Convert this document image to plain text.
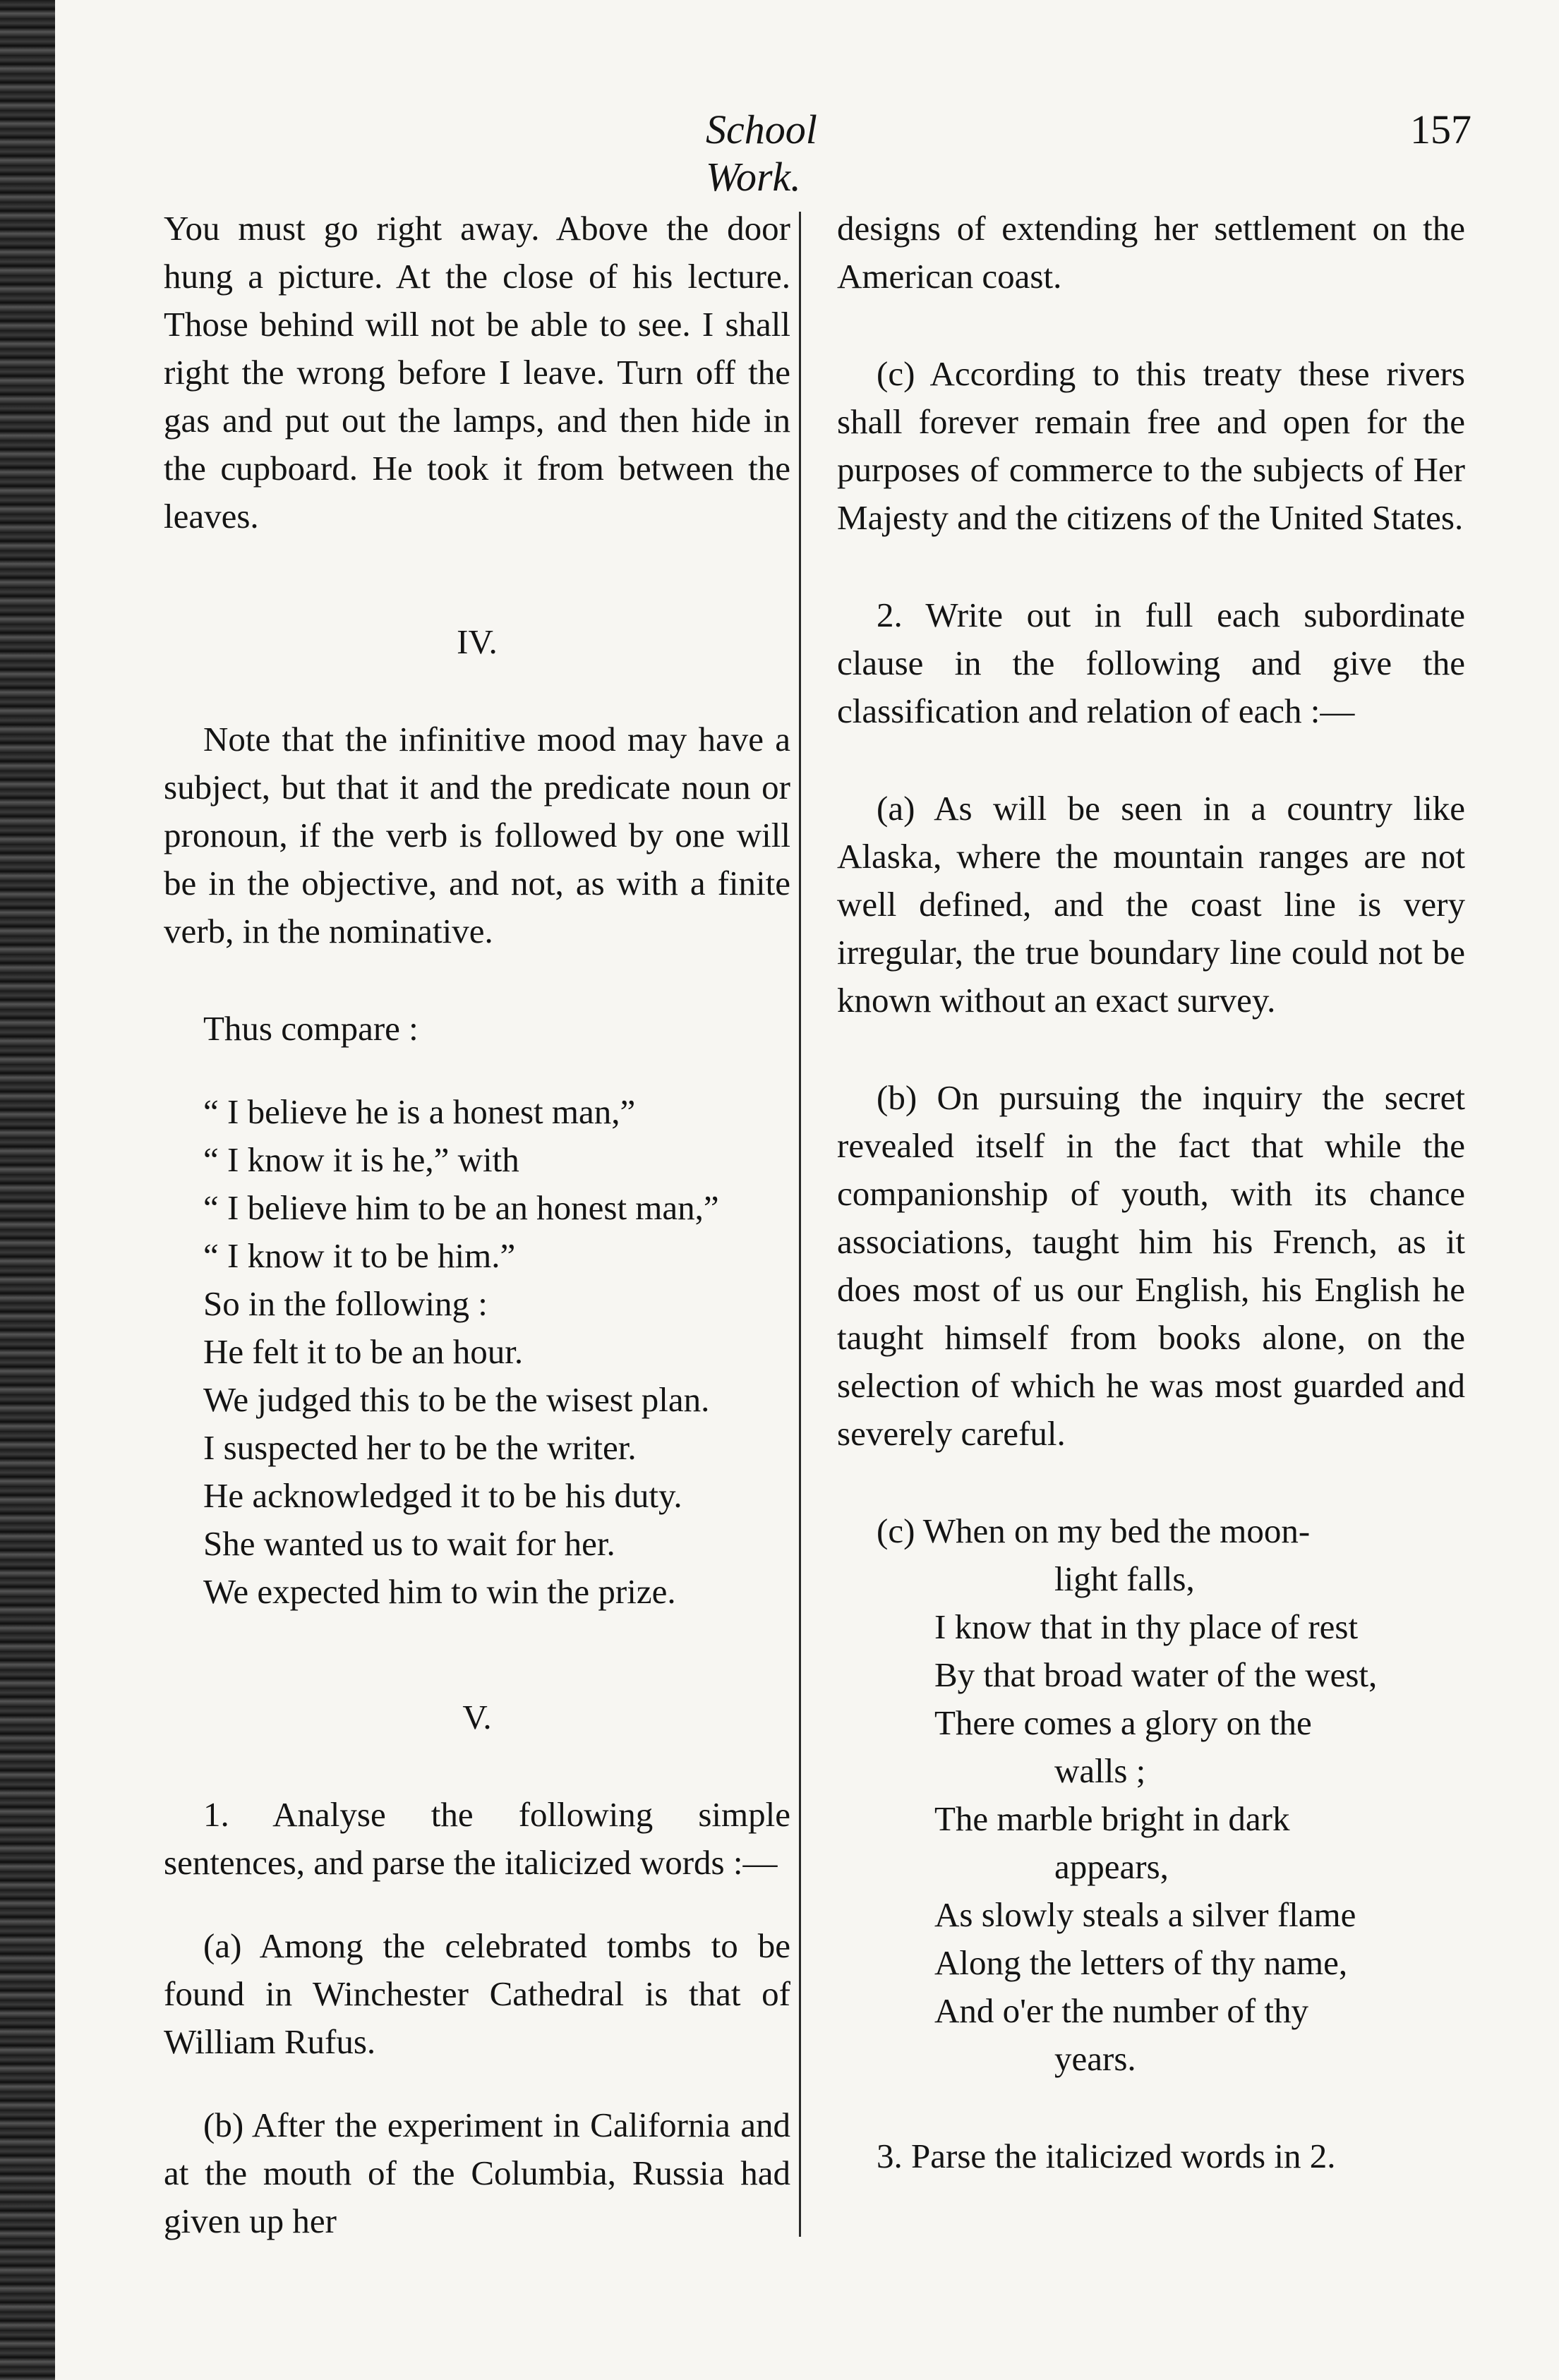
School Work.
157

You must go right away. Above the door hung a picture. At the close of his lecture. Those behind will not be able to see. I shall right the wrong before I leave. Turn off the gas and put out the lamps, and then hide in the cupboard. He took it from between the leaves.

IV.

Note that the infinitive mood may have a subject, but that it and the predicate noun or pronoun, if the verb is followed by one will be in the objective, and not, as with a finite verb, in the nominative.

Thus compare :

“ I believe he is a honest man,”

“ I know it is he,” with

“ I believe him to be an honest man,”

“ I know it to be him.”

So in the following :

He felt it to be an hour.

We judged this to be the wisest plan.

I suspected her to be the writer.

He acknowledged it to be his duty.

She wanted us to wait for her.

We expected him to win the prize.

V.

1. Analyse the following simple sentences, and parse the italicized words :—

(a) Among the celebrated tombs to be found in Winchester Cathedral is that of William Rufus.

(b) After the experiment in California and at the mouth of the Columbia, Russia had given up her

designs of extending her settlement on the American coast.

(c) According to this treaty these rivers shall forever remain free and open for the purposes of commerce to the subjects of Her Majesty and the citizens of the United States.

2. Write out in full each subordinate clause in the following and give the classification and relation of each :—

(a) As will be seen in a country like Alaska, where the mountain ranges are not well defined, and the coast line is very irregular, the true boundary line could not be known without an exact survey.

(b) On pursuing the inquiry the secret revealed itself in the fact that while the companionship of youth, with its chance associations, taught him his French, as it does most of us our English, his English he taught himself from books alone, on the selection of which he was most guarded and severely careful.

(c) When on my bed the moon-

light falls,

I know that in thy place of rest

By that broad water of the west,

There comes a glory on the

walls ;

The marble bright in dark

appears,

As slowly steals a silver flame

Along the letters of thy name,

And o'er the number of thy

years.

3. Parse the italicized words in 2.
